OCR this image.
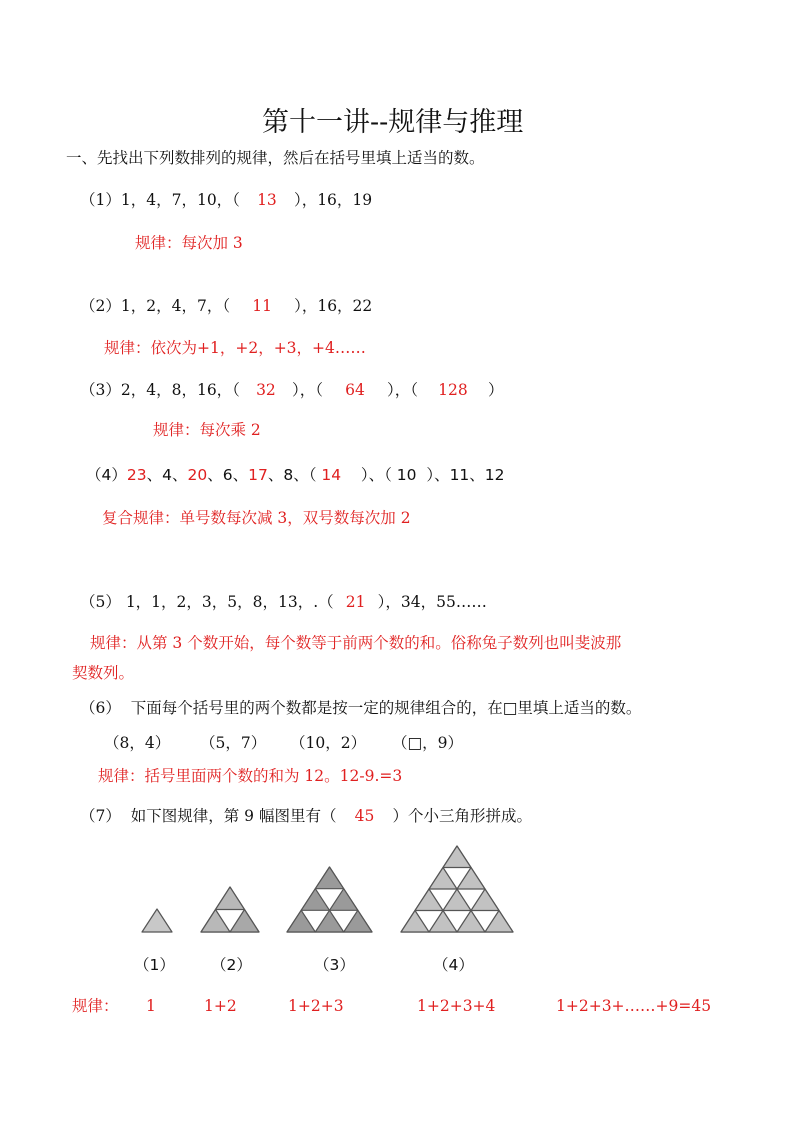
第十一讲--规律与推理
一、先找出下列数排列的规律，然后在括号里填上适当的数。
（1）1，4，7，10，（ 13 ），16，19
规律：每次加 3
（2）1，2，4，7，（ 11 ），16，22
规律：依次为+1，+2，+3，+4……
（3）2，4，8，16，（ 32 ），（ 64 ），（ 128 ）
规律：每次乘 2
（4）23、4、20、6、17、8、（ 14    ）、（ 10  ）、11、12
复合规律：单号数每次减 3，双号数每次加 2
（5） 1，1，2，3，5，8，13，.（ 21 ），34，55……
规律：从第 3 个数开始，每个数等于前两个数的和。俗称兔子数列也叫斐波那
契数列。
（6） 下面每个括号里的两个数都是按一定的规律组合的，在□里填上适当的数。
（8，4） （5，7） （10，2） （□，9）
规律：括号里面两个数的和为 12。12-9.=3
（7） 如下图规律，第 9 幅图里有（ 45 ）个小三角形拼成。
（1） （2）	（3）	（4）
规律： 1	1+2	1+2+3	1+2+3+4	1+2+3+……+9=45
